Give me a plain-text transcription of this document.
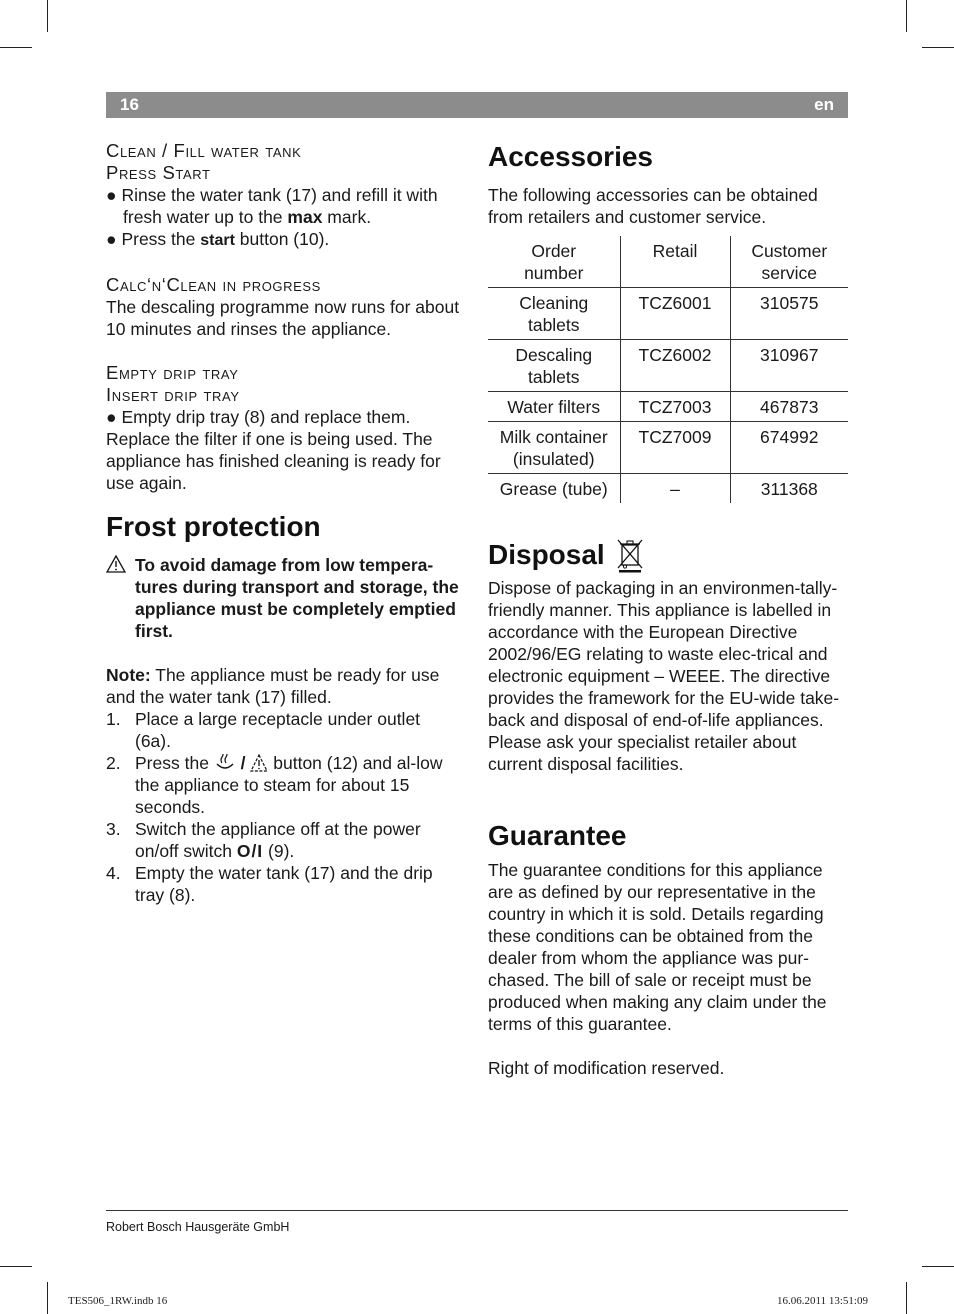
16	en
Clean / Fill water tank
Press Start

● Rinse the water tank (17) and refill it with fresh water up to the max mark.

● Press the start button (10).

Calc‘n‘Clean in progress

The descaling programme now runs for about 10 minutes and rinses the appliance.

Empty drip tray
Insert drip tray

● Empty drip tray (8) and replace them.

Replace the filter if one is being used. The appliance has finished cleaning is ready for use again.

Frost protection
To avoid damage from low tempera-tures during transport and storage, the appliance must be completely emptied first.

Note: The appliance must be ready for use and the water tank (17) filled.

1. Place a large receptacle under outlet (6a).
2. Press the  /  button (12) and al-low the appliance to steam for about 15 seconds.
3. Switch the appliance off at the power on/off switch O/I (9).
4. Empty the water tank (17) and the drip tray (8).
Accessories

The following accessories can be obtained from retailers and customer service.

Order number	Retail	Customer service
Cleaning tablets	TCZ6001	310575
Descaling tablets	TCZ6002	310967
Water filters	TCZ7003	467873
Milk container (insulated)	TCZ7009	674992
Grease (tube)	–	311368
Disposal

Dispose of packaging in an environmen-tally-friendly manner. This appliance is labelled in accordance with the European Directive 2002/96/EG relating to waste elec-trical and electronic equipment – WEEE. The directive provides the framework for the EU-wide take-back and disposal of end-of-life appliances. Please ask your specialist retailer about current disposal facilities.

Guarantee

The guarantee conditions for this appliance are as defined by our representative in the country in which it is sold. Details regarding these conditions can be obtained from the dealer from whom the appliance was pur-chased. The bill of sale or receipt must be produced when making any claim under the terms of this guarantee.

Right of modification reserved.

Robert Bosch Hausgeräte GmbH
TES506_1RW.indb 16	16.06.2011 13:51:09
